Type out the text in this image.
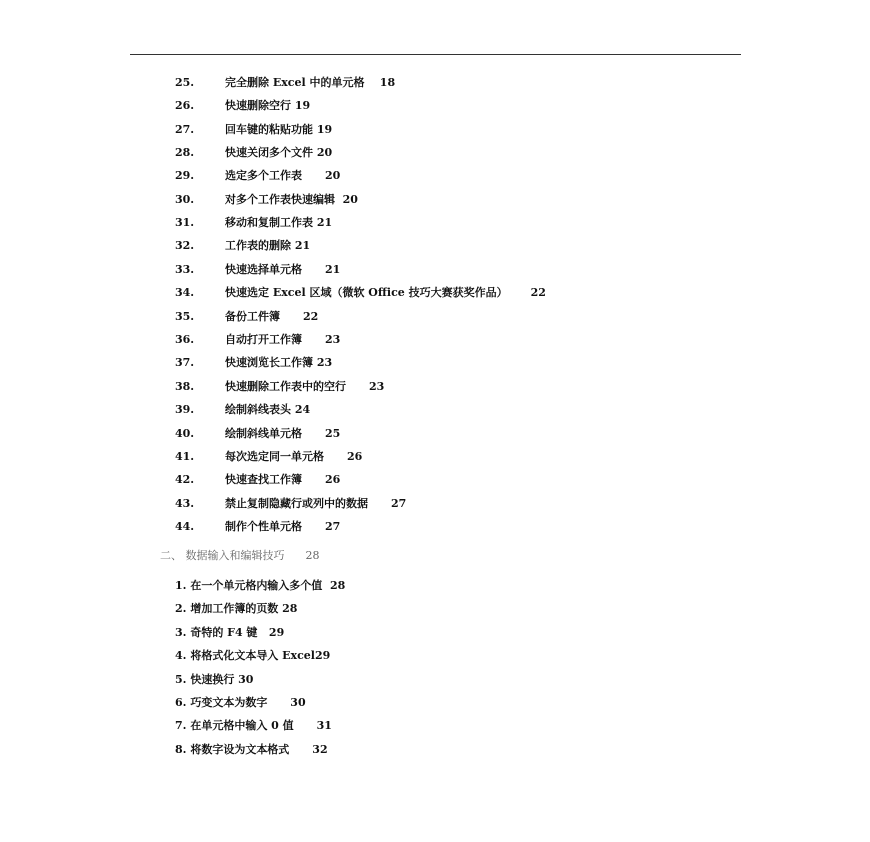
25.	完全删除 Excel 中的单元格    18
26.	快速删除空行 19
27.	回车键的粘贴功能 19
28.	快速关闭多个文件 20
29.	选定多个工作表      20
30.	对多个工作表快速编辑  20
31.	移动和复制工作表 21
32.	工作表的删除 21
33.	快速选择单元格      21
34.	快速选定 Excel 区域（微软 Office 技巧大赛获奖作品）      22
35.	备份工件簿      22
36.	自动打开工作簿      23
37.	快速浏览长工作簿 23
38.	快速删除工作表中的空行      23
39.	绘制斜线表头 24
40.	绘制斜线单元格      25
41.	每次选定同一单元格      26
42.	快速查找工作簿      26
43.	禁止复制隐藏行或列中的数据      27
44.	制作个性单元格      27
二、 数据输入和编辑技巧      28
1. 在一个单元格内输入多个值  28
2. 增加工作簿的页数 28
3. 奇特的 F4 键   29
4. 将格式化文本导入 Excel29
5. 快速换行 30
6. 巧变文本为数字      30
7. 在单元格中输入 0 值      31
8. 将数字设为文本格式      32
